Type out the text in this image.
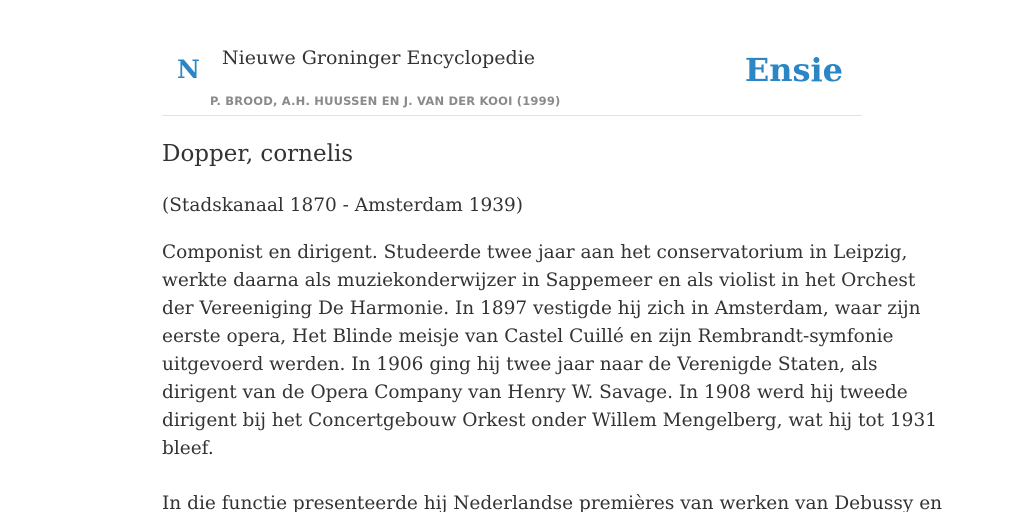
N Nieuwe Groninger Encyclopedie
P. BROOD, A.H. HUUSSEN EN J. VAN DER KOOI (1999)
Ensie
Dopper, cornelis

(Stadskanaal 1870 - Amsterdam 1939)

Componist en dirigent. Studeerde twee jaar aan het conservatorium in Leipzig,
werkte daarna als muziekonderwijzer in Sappemeer en als violist in het Orchest
der Vereeniging De Harmonie. In 1897 vestigde hij zich in Amsterdam, waar zijn
eerste opera, Het Blinde meisje van Castel Cuillé en zijn Rembrandt-symfonie
uitgevoerd werden. In 1906 ging hij twee jaar naar de Verenigde Staten, als
dirigent van de Opera Company van Henry W. Savage. In 1908 werd hij tweede
dirigent bij het Concertgebouw Orkest onder Willem Mengelberg, wat hij tot 1931
bleef.

In die functie presenteerde hij Nederlandse premières van werken van Debussy en
